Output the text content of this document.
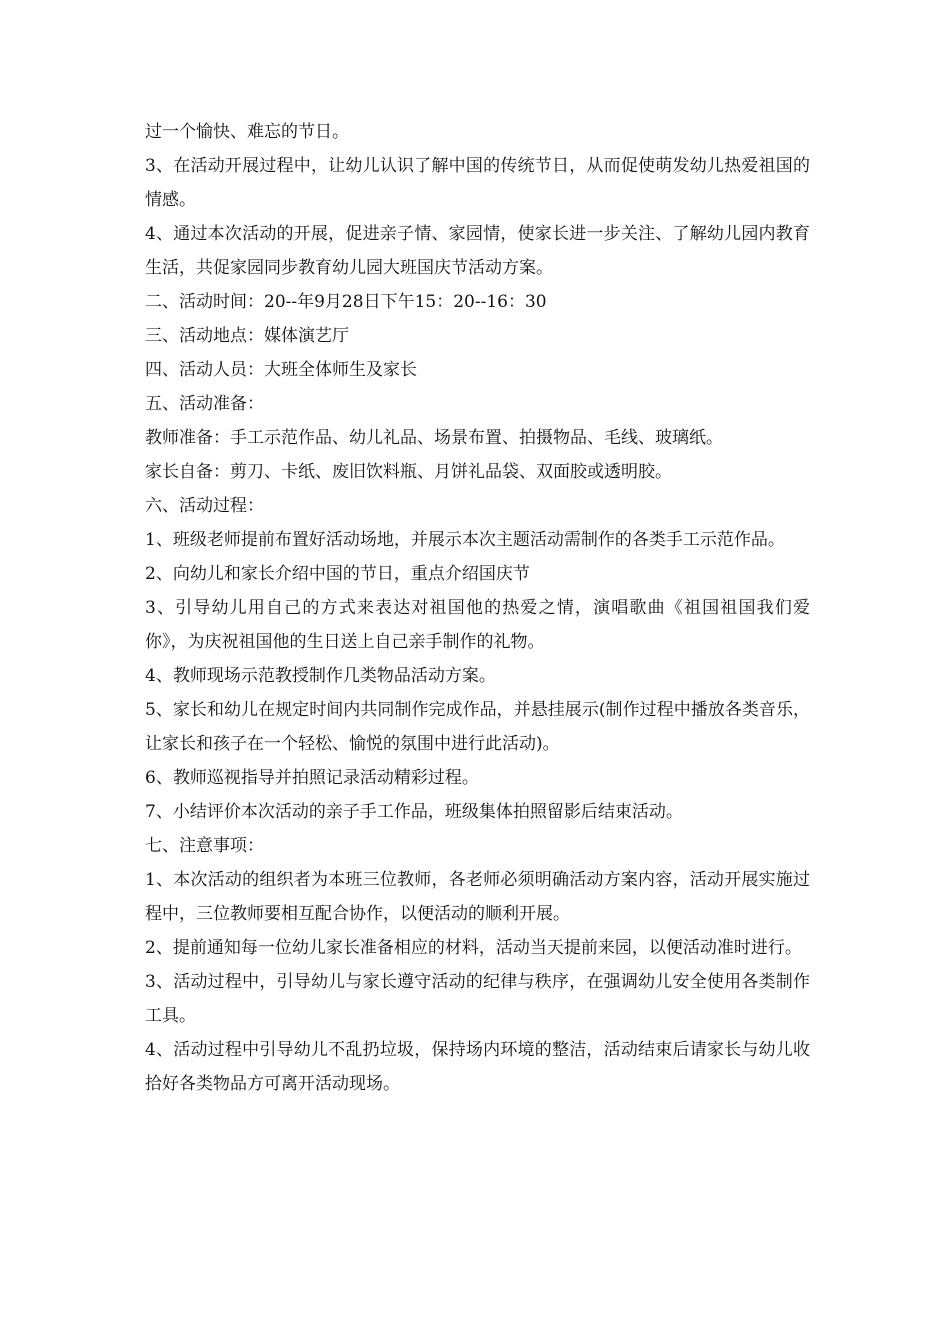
过一个愉快、难忘的节日。

3、在活动开展过程中，让幼儿认识了解中国的传统节日，从而促使萌发幼儿热爱祖国的情感。

4、通过本次活动的开展，促进亲子情、家园情，使家长进一步关注、了解幼儿园内教育生活，共促家园同步教育幼儿园大班国庆节活动方案。

二、活动时间：20--年9月28日下午15：20--16：30

三、活动地点：媒体演艺厅

四、活动人员：大班全体师生及家长

五、活动准备：

教师准备：手工示范作品、幼儿礼品、场景布置、拍摄物品、毛线、玻璃纸。

家长自备：剪刀、卡纸、废旧饮料瓶、月饼礼品袋、双面胶或透明胶。

六、活动过程：

1、班级老师提前布置好活动场地，并展示本次主题活动需制作的各类手工示范作品。

2、向幼儿和家长介绍中国的节日，重点介绍国庆节

3、引导幼儿用自己的方式来表达对祖国他的热爱之情，演唱歌曲《祖国祖国我们爱你》，为庆祝祖国他的生日送上自己亲手制作的礼物。

4、教师现场示范教授制作几类物品活动方案。

5、家长和幼儿在规定时间内共同制作完成作品，并悬挂展示(制作过程中播放各类音乐，让家长和孩子在一个轻松、愉悦的氛围中进行此活动)。

6、教师巡视指导并拍照记录活动精彩过程。

7、小结评价本次活动的亲子手工作品，班级集体拍照留影后结束活动。

七、注意事项：

1、本次活动的组织者为本班三位教师，各老师必须明确活动方案内容，活动开展实施过程中，三位教师要相互配合协作，以便活动的顺利开展。

2、提前通知每一位幼儿家长准备相应的材料，活动当天提前来园，以便活动准时进行。

3、活动过程中，引导幼儿与家长遵守活动的纪律与秩序，在强调幼儿安全使用各类制作工具。

4、活动过程中引导幼儿不乱扔垃圾，保持场内环境的整洁，活动结束后请家长与幼儿收拾好各类物品方可离开活动现场。
